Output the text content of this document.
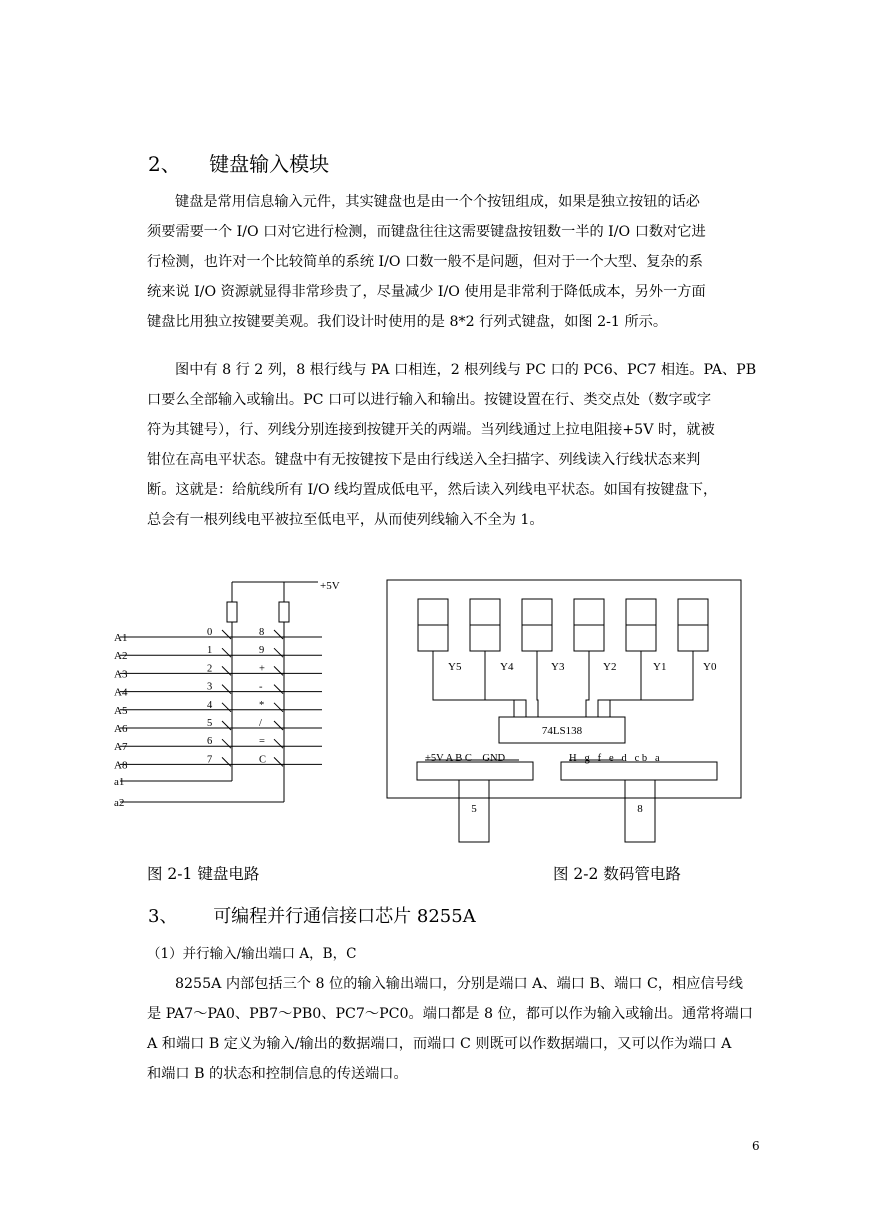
2、 键盘输入模块
键盘是常用信息输入元件，其实键盘也是由一个个按钮组成，如果是独立按钮的话必
须要需要一个 I/O 口对它进行检测，而键盘往往这需要键盘按钮数一半的 I/O 口数对它进
行检测，也许对一个比较简单的系统 I/O 口数一般不是问题，但对于一个大型、复杂的系
统来说 I/O 资源就显得非常珍贵了，尽量减少 I/O 使用是非常利于降低成本，另外一方面
键盘比用独立按键要美观。我们设计时使用的是 8*2 行列式键盘，如图 2-1 所示。
图中有 8 行 2 列，8 根行线与 PA 口相连，2 根列线与 PC 口的 PC6、PC7 相连。PA、PB
口要么全部输入或输出。PC 口可以进行输入和输出。按键设置在行、类交点处（数字或字
符为其键号），行、列线分别连接到按键开关的两端。当列线通过上拉电阻接+5V 时，就被
钳位在高电平状态。键盘中有无按键按下是由行线送入全扫描字、列线读入行线状态来判
断。这就是：给航线所有 I/O 线均置成低电平，然后读入列线电平状态。如国有按键盘下，
总会有一根列线电平被拉至低电平，从而使列线输入不全为 1。
+5V
a1
a2
A1	0	8
A2	1	9
A3	2	+
A4	3	-
A5	4	*
A6	5	/
A7	6	=
A8	7	C
Y5	Y4	Y3	Y2	Y1	Y0
74LS138
+5V A B C    GND	H   g   f   e   d   c b   a
5	8
图 2-1 键盘电路	图 2-2 数码管电路
3、 可编程并行通信接口芯片 8255A
（1）并行输入/输出端口 A，B，C
8255A 内部包括三个 8 位的输入输出端口，分别是端口 A、端口 B、端口 C，相应信号线
是 PA7～PA0、PB7～PB0、PC7～PC0。端口都是 8 位，都可以作为输入或输出。通常将端口
A 和端口 B 定义为输入/输出的数据端口，而端口 C 则既可以作数据端口，又可以作为端口 A
和端口 B 的状态和控制信息的传送端口。
6
